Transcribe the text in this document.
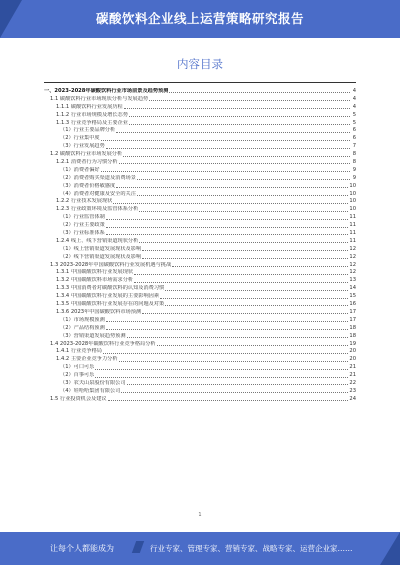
碳酸饮料企业线上运营策略研究报告
内容目录
一、2023-2028年碳酸饮料行业市场前景及趋势预测	4
1.1 碳酸饮料行业市场现状分析与发展趋势	4
1.1.1 碳酸饮料行业发展历程	4
1.1.2 行业市场规模及增长态势	5
1.1.3 行业竞争格局及主要企业	5
（1）行业主要品牌分析	6
（2）行业集中度	6
（3）行业发展趋势	7
1.2 碳酸饮料行业市场发展分析	8
1.2.1 消费者行为习惯分析	8
（1）消费者偏好	9
（2）消费者购买渠道及消费场景	9
（3）消费者价格敏感度	10
（4）消费者对健康及安全的关注	10
1.2.2 行业技术发展现状	10
1.2.3 行业政策环境及监管体系分析	10
（1）行业监管体制	11
（2）行业主要政策	11
（3）行业标准体系	11
1.2.4 线上、线下营销渠道现状分析	11
（1）线上营销渠道发展现状及影响	12
（2）线下营销渠道发展现状及影响	12
1.3 2023-2028年中国碳酸饮料行业发展机遇与挑战	12
1.3.1 中国碳酸饮料行业发展现状	12
1.3.2 中国碳酸饮料市场需求分析	13
1.3.3 中国消费者对碳酸饮料的认知及消费习惯	14
1.3.4 中国碳酸饮料行业发展的主要影响因素	15
1.3.5 中国碳酸饮料行业发展存在的问题及对策	16
1.3.6 2023年中国碳酸饮料市场预测	17
（1）市场规模预测	17
（2）产品结构预测	18
（3）营销渠道发展趋势预测	18
1.4 2023-2028年碳酸饮料行业竞争格局分析	19
1.4.1 行业竞争格局	20
1.4.2 主要企业竞争力分析	20
（1）可口可乐	21
（2）百事可乐	21
（3）农夫山泉股份有限公司	22
（4）娃哈哈集团有限公司	23
1.5 行业投资机会及建议	24
1
让每个人都能成为	行业专家、管理专家、营销专家、战略专家、运营企业家……
